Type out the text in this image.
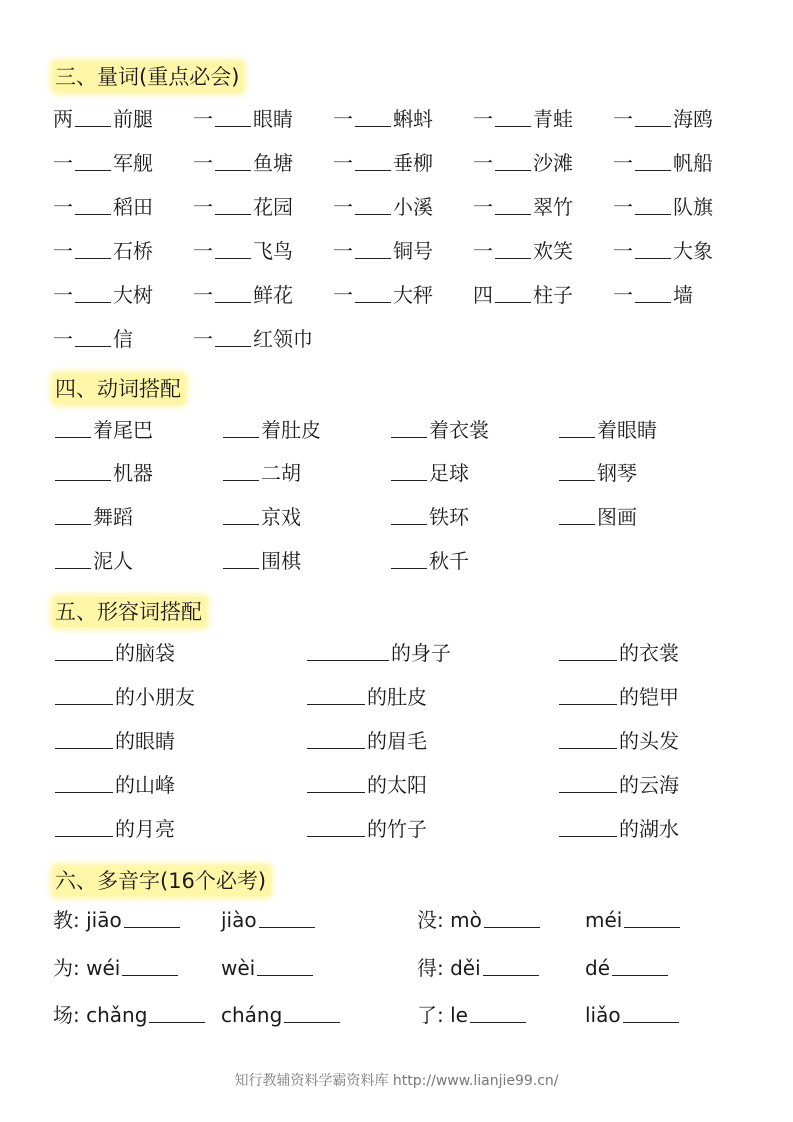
三、量词(重点必会)
两 前腿 一 眼睛 一 蝌蚪 一 青蛙 一 海鸥
一 军舰 一 鱼塘 一 垂柳 一 沙滩 一 帆船
一 稻田 一 花园 一 小溪 一 翠竹 一 队旗
一 石桥 一 飞鸟 一 铜号 一 欢笑 一 大象
一 大树 一 鲜花 一 大秤 四 柱子 一 墙
一 信	一 红领巾
四、动词搭配
着尾巴	着肚皮	着衣裳	着眼睛
机器	二胡	足球	钢琴
舞蹈	京戏	铁环	图画
泥人	围棋	秋千
五、形容词搭配
的脑袋	的身子	的衣裳
的小朋友	的肚皮	的铠甲
的眼睛	的眉毛	的头发
的山峰	的太阳	的云海
的月亮	的竹子	的湖水
六、多音字(16个必考)
教: jiāo	jiào	没: mò	méi
为: wéi	wèi	得: děi	dé
场: chǎng	cháng	了: le	liǎo
知行教辅资料学霸资料库 http://www.lianjie99.cn/
